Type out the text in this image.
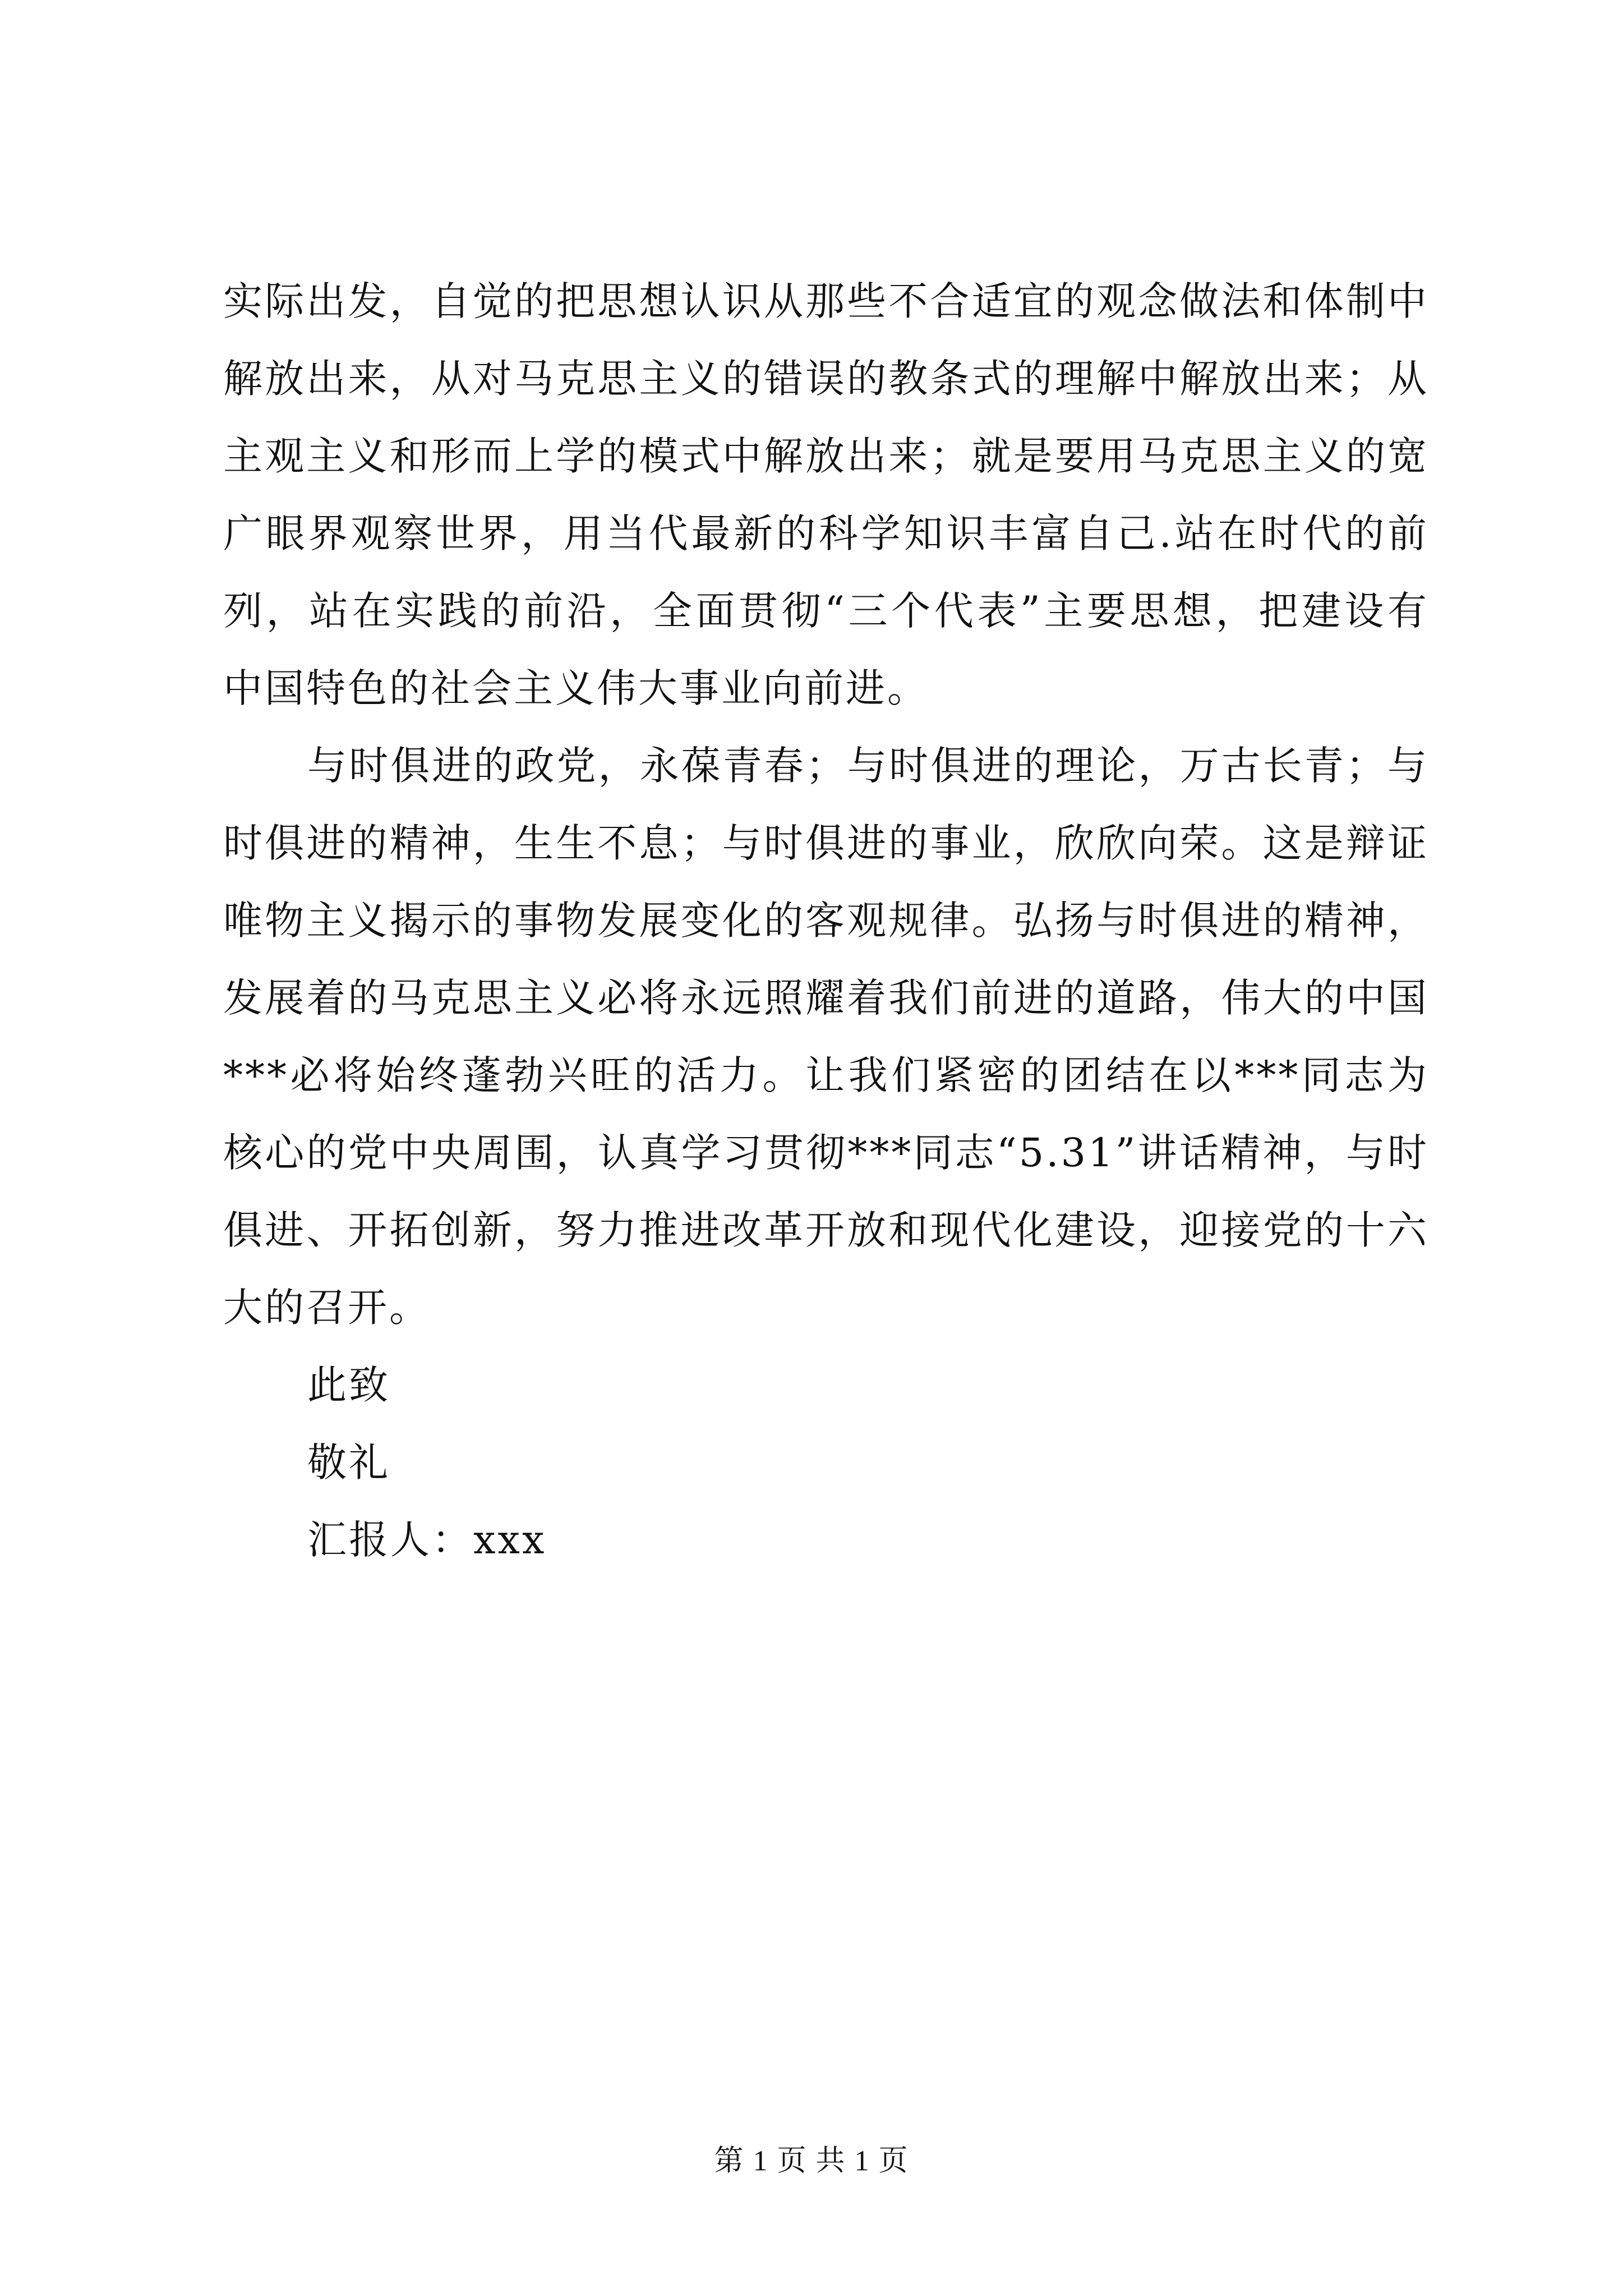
实际出发，自觉的把思想认识从那些不合适宜的观念做法和体制中解放出来，从对马克思主义的错误的教条式的理解中解放出来；从主观主义和形而上学的模式中解放出来；就是要用马克思主义的宽广眼界观察世界，用当代最新的科学知识丰富自己.站在时代的前列，站在实践的前沿，全面贯彻“三个代表”主要思想，把建设有中国特色的社会主义伟大事业向前进。

与时俱进的政党，永葆青春；与时俱进的理论，万古长青；与时俱进的精神，生生不息；与时俱进的事业，欣欣向荣。这是辩证唯物主义揭示的事物发展变化的客观规律。弘扬与时俱进的精神，发展着的马克思主义必将永远照耀着我们前进的道路，伟大的中国***必将始终蓬勃兴旺的活力。让我们紧密的团结在以***同志为核心的党中央周围，认真学习贯彻***同志“5.31”讲话精神，与时俱进、开拓创新，努力推进改革开放和现代化建设，迎接党的十六大的召开。

此致

敬礼

汇报人：xxx

第 1 页 共 1 页
